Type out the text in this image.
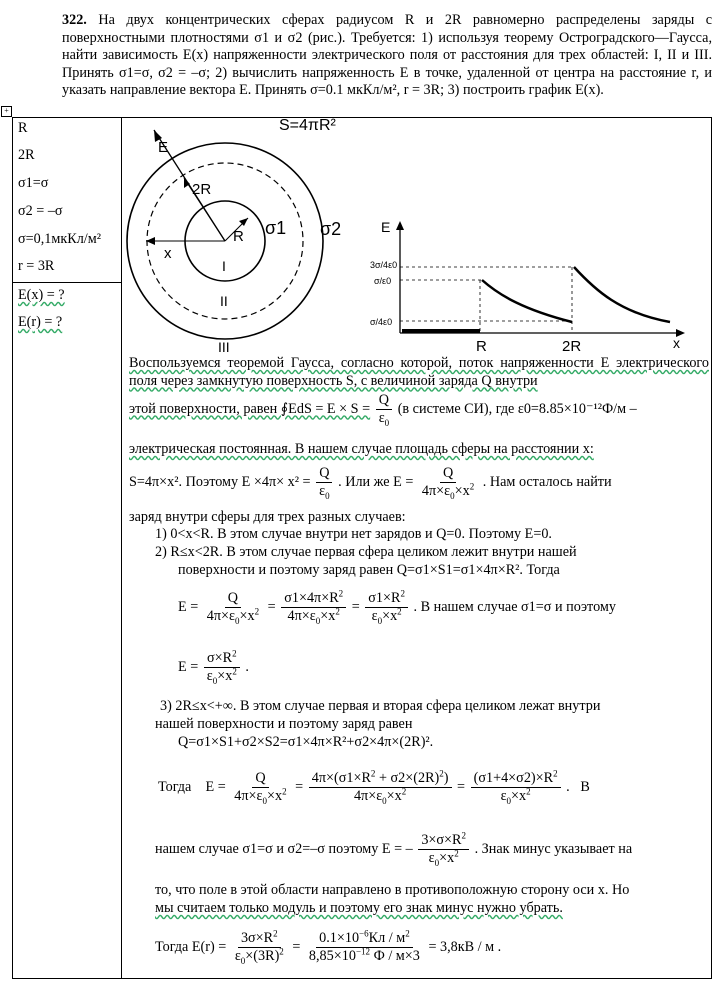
+
322. На двух концентрических сферах радиусом R и 2R равномерно распределены заряды с поверхностными плотностями σ1 и σ2 (рис.). Требуется: 1) используя теорему Остроградского—Гаусса, найти зависимость E(x) напряженности электрического поля от расстояния для трех областей: I, II и III. Принять σ1=σ, σ2 = –σ; 2) вычислить напряженность E в точке, удаленной от центра на расстояние r, и указать направление вектора E. Принять σ=0.1 мкКл/м², r = 3R; 3) построить график E(x).
R
2R
σ1=σ
σ2 = –σ
σ=0,1мкКл/м²
r = 3R
E(x) = ?
E(r) = ?
E
2R
R
x
σ1 σ2
I
II
III
S=4πR²
E
x
R	2R
3σ/4ε0
σ/ε0
σ/4ε0
Воспользуемся теоремой Гаусса, согласно которой, поток напряженности E электрического поля через замкнутую поверхность S, с величиной заряда Q внутри
этой поверхности, равен ∮EdS = $E \times S = \frac{Q}{\varepsilon_0} (в$ системе СИ), где ε0=8.85×10⁻¹²Ф/м –
электрическая постоянная. В нашем случае площадь сферы на расстоянии x:
S=4π×x². Поэтому $E \times 4\pi\times x^2 = \frac{Q}{\varepsilon_0}$ . Или же $E = \frac{Q}{4\pi\times\varepsilon_0\times x^2}$ . Нам осталось найти
заряд внутри сферы для трех разных случаев:
1) 0<x<R. В этом случае внутри нет зарядов и Q=0. Поэтому E=0.
2) R≤x<2R. В этом случае первая сфера целиком лежит внутри нашей
поверхности и поэтому заряд равен Q=σ1×S1=σ1×4π×R². Тогда
$E = \frac{Q}{4\pi\times\varepsilon_0\times x^2} = \frac{\sigma 1\times 4\pi\times R^2}{4\pi\times\varepsilon_0\times x^2} = \frac{\sigma 1\times R^2}{\varepsilon_0\times x^2}$ . В нашем случае σ1=σ и поэтому
$E = \frac{\sigma\times R^2}{\varepsilon_0\times x^2}$ .
3) 2R≤x<+∞. В этом случае первая и вторая сфера целиком лежат внутри
нашей поверхности и поэтому заряд равен
Q=σ1×S1+σ2×S2=σ1×4π×R²+σ2×4π×(2R)².
Тогда    $E = \frac{Q}{4\pi\times\varepsilon_0\times x^2} = \frac{4\pi\times(\sigma 1\times R^2 + \sigma 2\times(2R)^2)}{4\pi\times\varepsilon_0\times x^2} = \frac{(\sigma 1+4\times\sigma 2)\times R^2}{\varepsilon_0\times x^2}$ .   В
нашем случае σ1=σ и σ2=–σ поэтому E = – $\frac{3\times\sigma\times R^2}{\varepsilon_0\times x^2}$ . Знак минус указывает на
то, что поле в этой области направлено в противоположную сторону оси x. Но
мы считаем только модуль и поэтому его знак минус нужно убрать.
Тогда $E(r) = \frac{3\sigma\times R^2}{\varepsilon_0\times(3R)^2} = \frac{0.1\times 10^{-6}Кл / м^2}{8,85\times 10^{-12} Ф / м\times 3} = 3,8кВ / м$ .
